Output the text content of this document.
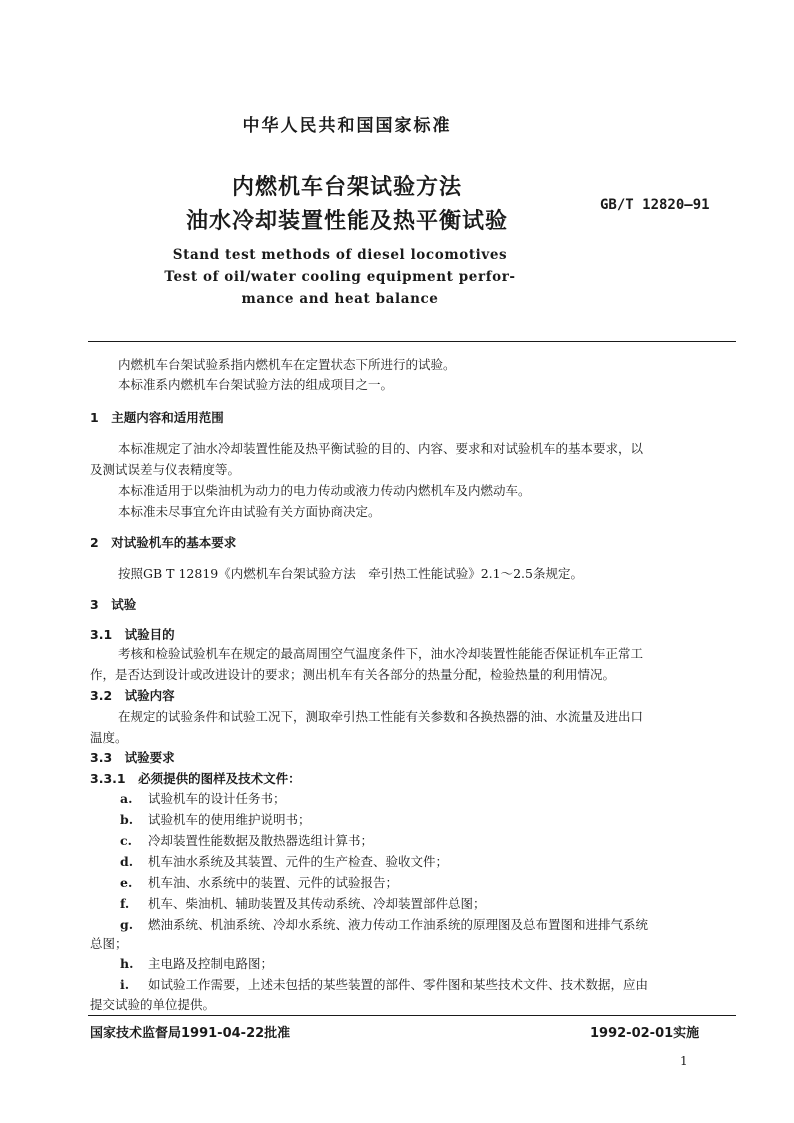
中华人民共和国国家标准
内燃机车台架试验方法
油水冷却装置性能及热平衡试验
GB/T 12820—91
Stand test methods of diesel locomotives
Test of oil/water cooling equipment perfor-
mance and heat balance
内燃机车台架试验系指内燃机车在定置状态下所进行的试验。
本标准系内燃机车台架试验方法的组成项目之一。
1　主题内容和适用范围
本标准规定了油水冷却装置性能及热平衡试验的目的、内容、要求和对试验机车的基本要求，以
及测试误差与仪表精度等。
本标准适用于以柴油机为动力的电力传动或液力传动内燃机车及内燃动车。
本标准未尽事宜允许由试验有关方面协商决定。
2　对试验机车的基本要求
按照GB T 12819《内燃机车台架试验方法　牵引热工性能试验》2.1～2.5条规定。
3　试验
3.1　试验目的
考核和检验试验机车在规定的最高周围空气温度条件下，油水冷却装置性能能否保证机车正常工
作，是否达到设计或改进设计的要求；测出机车有关各部分的热量分配，检验热量的利用情况。
3.2　试验内容
在规定的试验条件和试验工况下，测取牵引热工性能有关参数和各换热器的油、水流量及进出口
温度。
3.3　试验要求
3.3.1　必须提供的图样及技术文件：
a. 试验机车的设计任务书；
b. 试验机车的使用维护说明书；
c. 冷却装置性能数据及散热器选组计算书；
d. 机车油水系统及其装置、元件的生产检查、验收文件；
e. 机车油、水系统中的装置、元件的试验报告；
f. 机车、柴油机、辅助装置及其传动系统、冷却装置部件总图；
g. 燃油系统、机油系统、冷却水系统、液力传动工作油系统的原理图及总布置图和进排气系统
总图；
h. 主电路及控制电路图；
i. 如试验工作需要，上述未包括的某些装置的部件、零件图和某些技术文件、技术数据，应由
提交试验的单位提供。
国家技术监督局1991-04-22批准	1992-02-01实施
1
